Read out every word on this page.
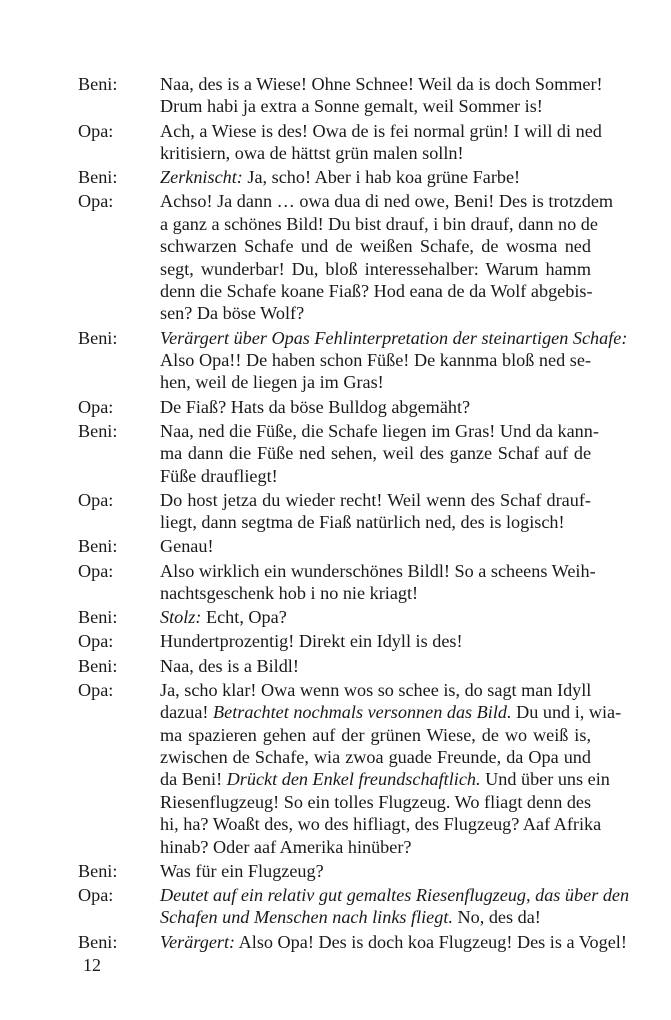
Beni:	Naa, des is a Wiese! Ohne Schnee! Weil da is doch Sommer!
Drum habi ja extra a Sonne gemalt, weil Sommer is!
Opa:	Ach, a Wiese is des! Owa de is fei normal grün! I will di ned
kritisiern, owa de hättst grün malen solln!
Beni:	Zerknischt: Ja, scho! Aber i hab koa grüne Farbe!
Opa:	Achso! Ja dann … owa dua di ned owe, Beni! Des is trotzdem
a ganz a schönes Bild! Du bist drauf, i bin drauf, dann no de
schwarzen Schafe und de weißen Schafe, de wosma ned
segt, wunderbar! Du, bloß interessehalber: Warum hamm
denn die Schafe koane Fiaß? Hod eana de da Wolf abgebis-
sen? Da böse Wolf?
Beni:	Verärgert über Opas Fehlinterpretation der steinartigen Schafe:
Also Opa!! De haben schon Füße! De kannma bloß ned se-
hen, weil de liegen ja im Gras!
Opa:	De Fiaß? Hats da böse Bulldog abgemäht?
Beni:	Naa, ned die Füße, die Schafe liegen im Gras! Und da kann-
ma dann die Füße ned sehen, weil des ganze Schaf auf de
Füße draufliegt!
Opa:	Do host jetza du wieder recht! Weil wenn des Schaf drauf-
liegt, dann segtma de Fiaß natürlich ned, des is logisch!
Beni:	Genau!
Opa:	Also wirklich ein wunderschönes Bildl! So a scheens Weih-
nachtsgeschenk hob i no nie kriagt!
Beni:	Stolz: Echt, Opa?
Opa:	Hundertprozentig! Direkt ein Idyll is des!
Beni:	Naa, des is a Bildl!
Opa:	Ja, scho klar! Owa wenn wos so schee is, do sagt man Idyll
dazua! Betrachtet nochmals versonnen das Bild. Du und i, wia-
ma spazieren gehen auf der grünen Wiese, de wo weiß is,
zwischen de Schafe, wia zwoa guade Freunde, da Opa und
da Beni! Drückt den Enkel freundschaftlich. Und über uns ein
Riesenflugzeug! So ein tolles Flugzeug. Wo fliagt denn des
hi, ha? Woaßt des, wo des hifliagt, des Flugzeug? Aaf Afrika
hinab? Oder aaf Amerika hinüber?
Beni:	Was für ein Flugzeug?
Opa:	Deutet auf ein relativ gut gemaltes Riesenflugzeug, das über den
Schafen und Menschen nach links fliegt. No, des da!
Beni:	Verärgert: Also Opa! Des is doch koa Flugzeug! Des is a Vogel!
12
